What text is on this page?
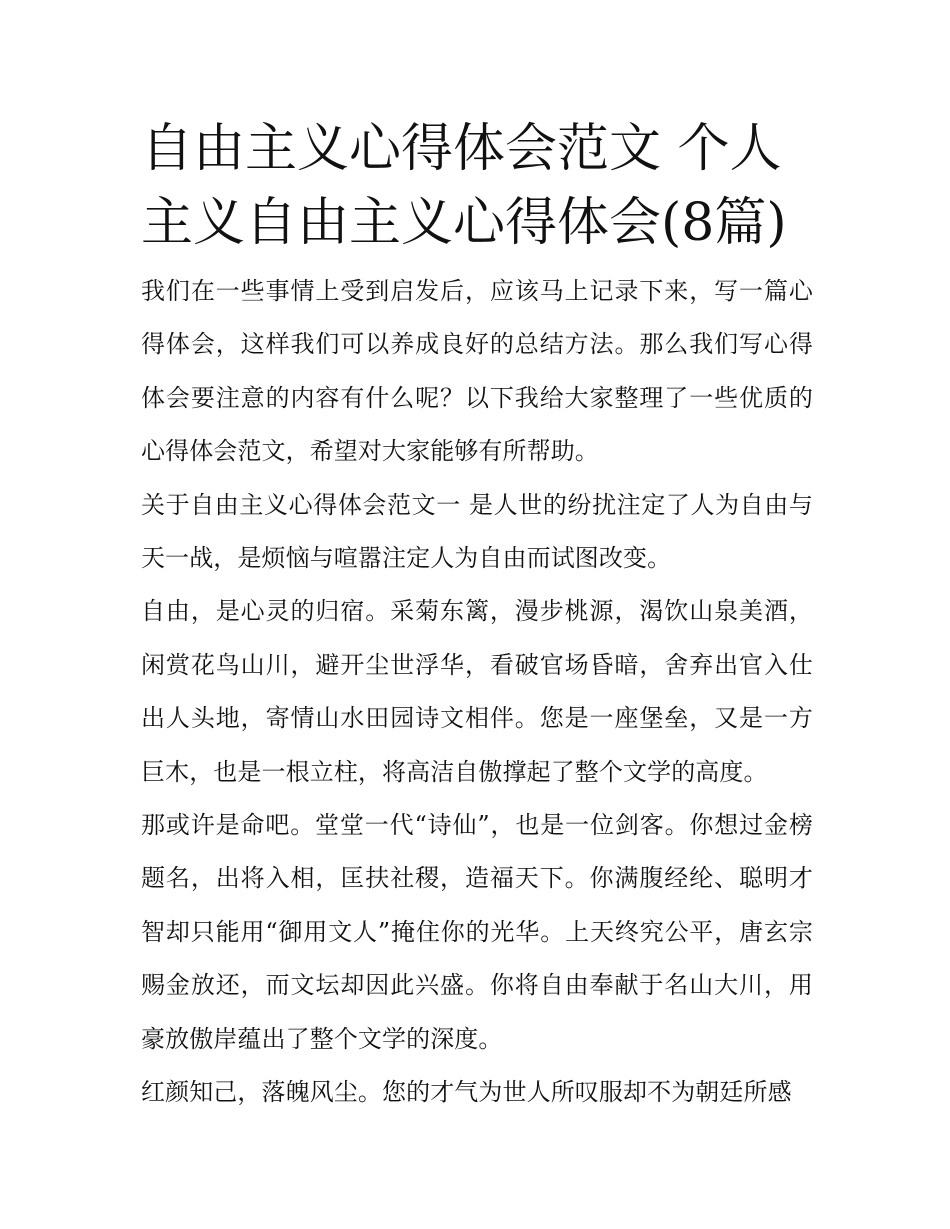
自由主义心得体会范文 个人主义自由主义心得体会(8篇)

我们在一些事情上受到启发后，应该马上记录下来，写一篇心得体会，这样我们可以养成良好的总结方法。那么我们写心得体会要注意的内容有什么呢？以下我给大家整理了一些优质的心得体会范文，希望对大家能够有所帮助。

关于自由主义心得体会范文一 是人世的纷扰注定了人为自由与天一战，是烦恼与喧嚣注定人为自由而试图改变。

自由，是心灵的归宿。采菊东篱，漫步桃源，渴饮山泉美酒，闲赏花鸟山川，避开尘世浮华，看破官场昏暗，舍弃出官入仕出人头地，寄情山水田园诗文相伴。您是一座堡垒，又是一方巨木，也是一根立柱，将高洁自傲撑起了整个文学的高度。

那或许是命吧。堂堂一代“诗仙”，也是一位剑客。你想过金榜题名，出将入相，匡扶社稷，造福天下。你满腹经纶、聪明才智却只能用“御用文人”掩住你的光华。上天终究公平，唐玄宗赐金放还，而文坛却因此兴盛。你将自由奉献于名山大川，用豪放傲岸蕴出了整个文学的深度。

红颜知己，落魄风尘。您的才气为世人所叹服却不为朝廷所感
